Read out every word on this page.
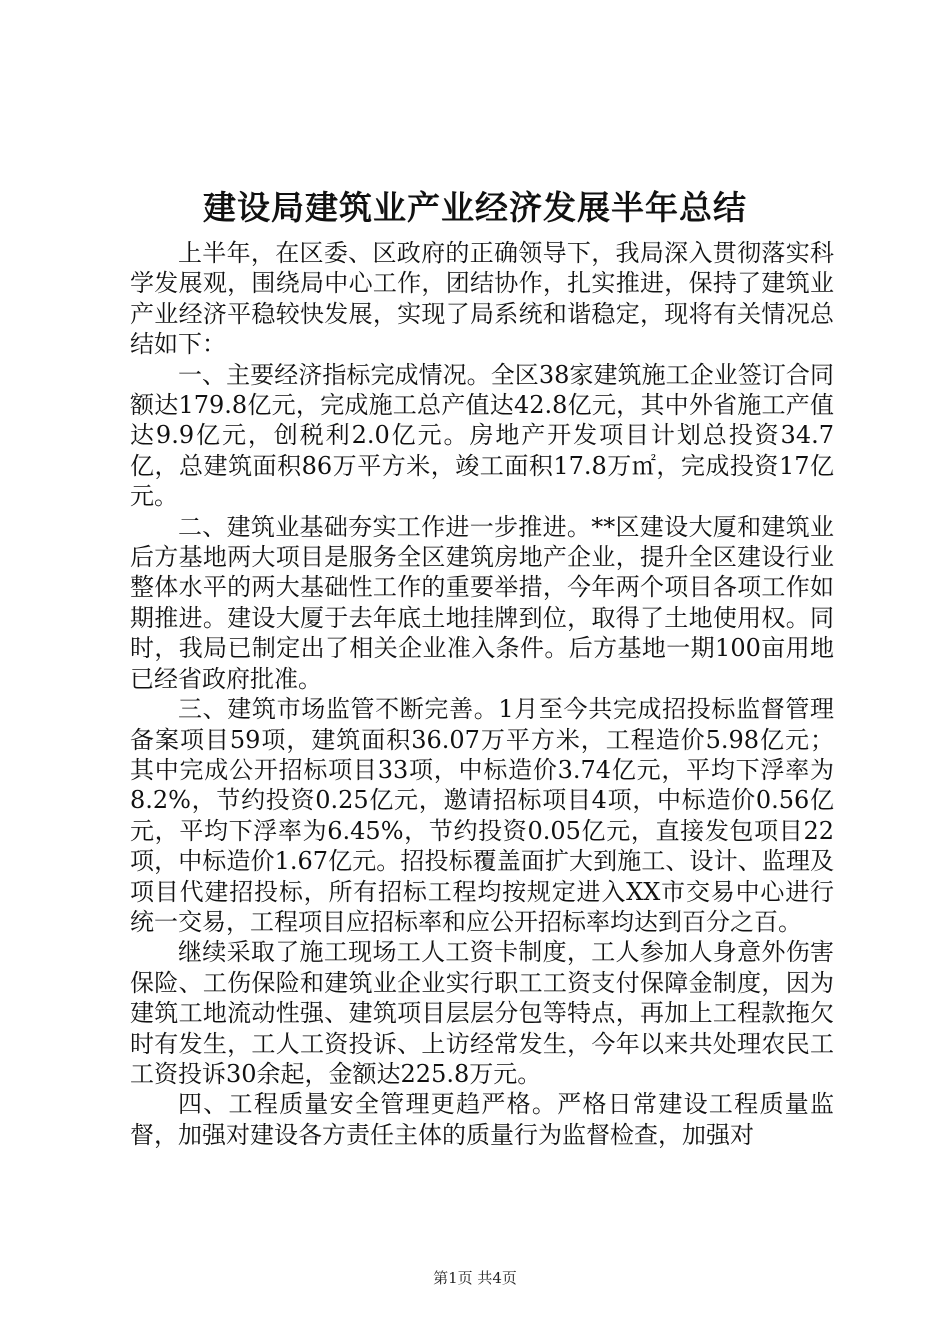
建设局建筑业产业经济发展半年总结

上半年，在区委、区政府的正确领导下，我局深入贯彻落实科学发展观，围绕局中心工作，团结协作，扎实推进，保持了建筑业产业经济平稳较快发展，实现了局系统和谐稳定，现将有关情况总结如下：

一、主要经济指标完成情况。全区38家建筑施工企业签订合同额达179.8亿元，完成施工总产值达42.8亿元，其中外省施工产值达9.9亿元，创税利2.0亿元。房地产开发项目计划总投资34.7亿，总建筑面积86万平方米，竣工面积17.8万㎡，完成投资17亿元。

二、建筑业基础夯实工作进一步推进。**区建设大厦和建筑业后方基地两大项目是服务全区建筑房地产企业，提升全区建设行业整体水平的两大基础性工作的重要举措，今年两个项目各项工作如期推进。建设大厦于去年底土地挂牌到位，取得了土地使用权。同时，我局已制定出了相关企业准入条件。后方基地一期100亩用地已经省政府批准。

三、建筑市场监管不断完善。1月至今共完成招投标监督管理备案项目59项，建筑面积36.07万平方米，工程造价5.98亿元；其中完成公开招标项目33项，中标造价3.74亿元，平均下浮率为8.2%，节约投资0.25亿元，邀请招标项目4项，中标造价0.56亿元，平均下浮率为6.45%，节约投资0.05亿元，直接发包项目22项，中标造价1.67亿元。招投标覆盖面扩大到施工、设计、监理及项目代建招投标，所有招标工程均按规定进入XX市交易中心进行统一交易，工程项目应招标率和应公开招标率均达到百分之百。

继续采取了施工现场工人工资卡制度，工人参加人身意外伤害保险、工伤保险和建筑业企业实行职工工资支付保障金制度，因为建筑工地流动性强、建筑项目层层分包等特点，再加上工程款拖欠时有发生，工人工资投诉、上访经常发生，今年以来共处理农民工工资投诉30余起，金额达225.8万元。

四、工程质量安全管理更趋严格。严格日常建设工程质量监督，加强对建设各方责任主体的质量行为监督检查，加强对

第1页 共4页
